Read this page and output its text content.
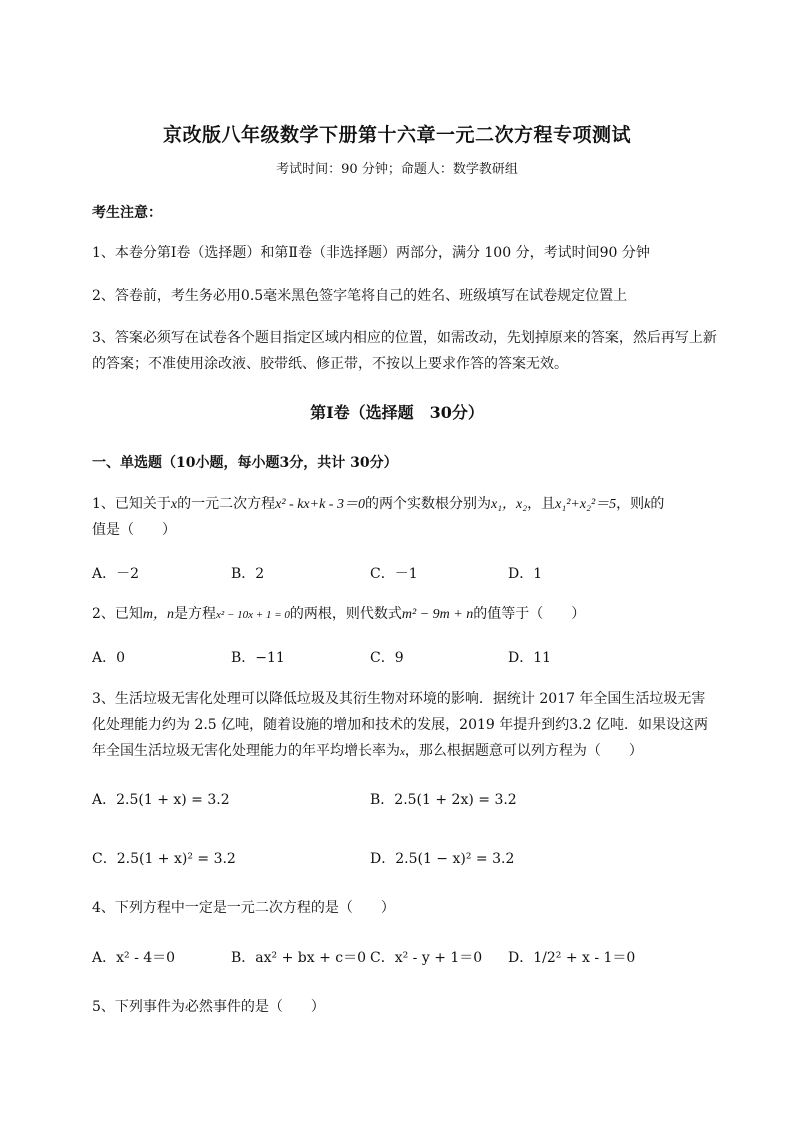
京改版八年级数学下册第十六章一元二次方程专项测试
考试时间：90 分钟；命题人：数学教研组
考生注意：
1、本卷分第Ⅰ卷（选择题）和第Ⅱ卷（非选择题）两部分，满分 100 分，考试时间90 分钟
2、答卷前，考生务必用0.5毫米黑色签字笔将自己的姓名、班级填写在试卷规定位置上
3、答案必须写在试卷各个题目指定区域内相应的位置，如需改动，先划掉原来的答案，然后再写上新
的答案；不准使用涂改液、胶带纸、修正带，不按以上要求作答的答案无效。
第Ⅰ卷（选择题　30分）
一、单选题（10小题，每小题3分，共计 30分）
1、已知关于x的一元二次方程x² - kx+k - 3＝0的两个实数根分别为x₁，x₂，且x₁²+x₂²＝5，则k的
值是（　　）
A．－2	B．2	C．－1	D．1
2、已知m，n是方程x² − 10x + 1 = 0的两根，则代数式m² − 9m + n的值等于（　　）
A．0	B．−11	C．9	D．11
3、生活垃圾无害化处理可以降低垃圾及其衍生物对环境的影响．据统计 2017 年全国生活垃圾无害
化处理能力约为 2.5 亿吨，随着设施的增加和技术的发展，2019 年提升到约3.2 亿吨．如果设这两
年全国生活垃圾无害化处理能力的年平均增长率为x，那么根据题意可以列方程为（　　）
A．2.5(1 + x) = 3.2	B．2.5(1 + 2x) = 3.2
C．2.5(1 + x)² = 3.2	D．2.5(1 − x)² = 3.2
4、下列方程中一定是一元二次方程的是（　　）
A．x² - 4＝0	B．ax² + bx + c＝0 C．x² - y + 1＝0 D．1/2² + x - 1＝0
5、下列事件为必然事件的是（　　）
